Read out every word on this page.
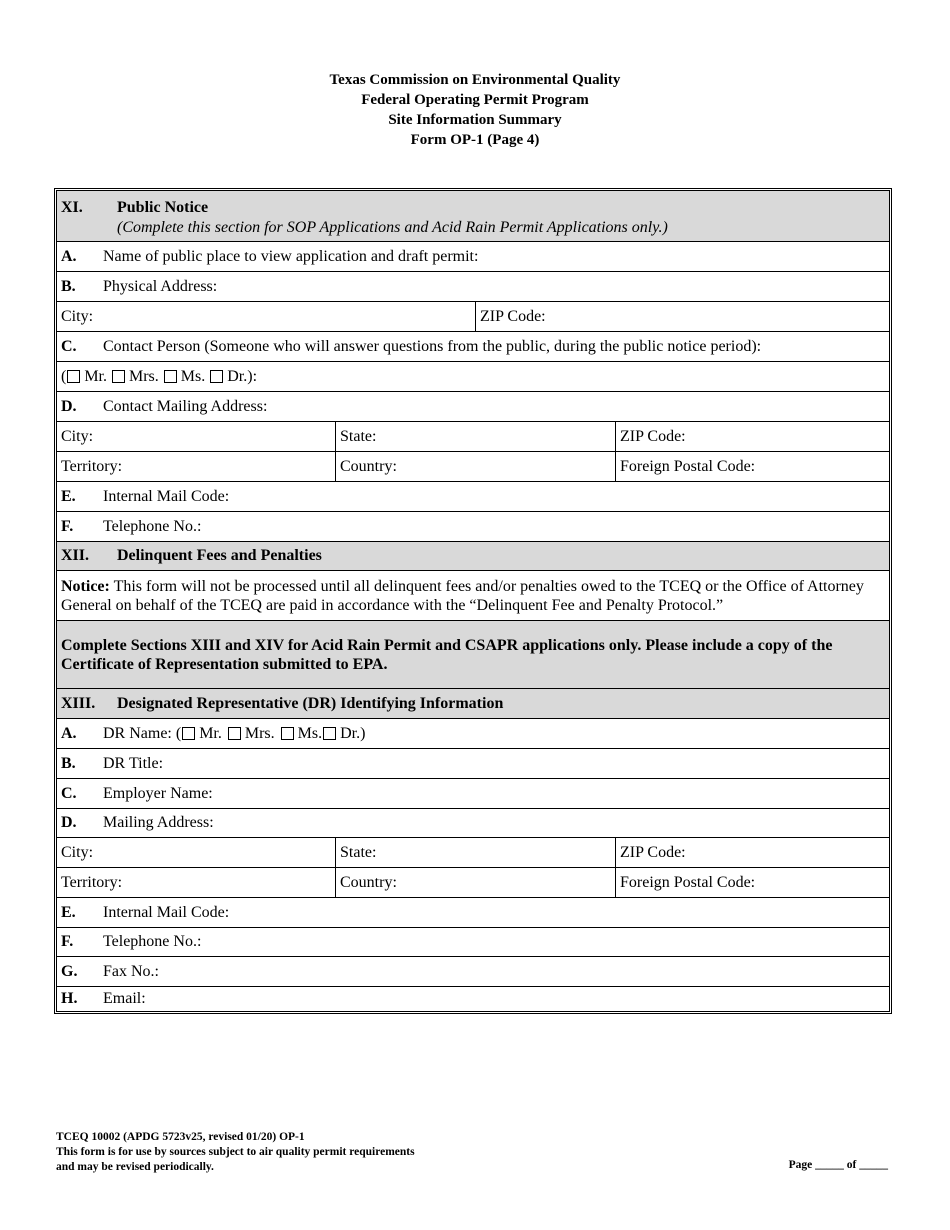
Texas Commission on Environmental Quality
Federal Operating Permit Program
Site Information Summary
Form OP-1 (Page 4)
XI. Public Notice
(Complete this section for SOP Applications and Acid Rain Permit Applications only.)
A.	Name of public place to view application and draft permit:
B.	Physical Address:
City:	ZIP Code:
C.	Contact Person (Someone who will answer questions from the public, during the public notice period):
( Mr. Mrs. Ms. Dr.):
D.	Contact Mailing Address:
City:	State:	ZIP Code:
Territory:	Country:	Foreign Postal Code:
E.	Internal Mail Code:
F.	Telephone No.:
XII.	Delinquent Fees and Penalties
Notice: This form will not be processed until all delinquent fees and/or penalties owed to the TCEQ or the Office of Attorney General on behalf of the TCEQ are paid in accordance with the “Delinquent Fee and Penalty Protocol.”
Complete Sections XIII and XIV for Acid Rain Permit and CSAPR applications only. Please include a copy of the Certificate of Representation submitted to EPA.
XIII.	Designated Representative (DR) Identifying Information
A.	DR Name: ( Mr. Mrs. Ms. Dr.)
B.	DR Title:
C.	Employer Name:
D.	Mailing Address:
City:	State:	ZIP Code:
Territory:	Country:	Foreign Postal Code:
E.	Internal Mail Code:
F.	Telephone No.:
G.	Fax No.:
H.	Email:
TCEQ 10002 (APDG 5723v25, revised 01/20) OP-1
This form is for use by sources subject to air quality permit requirements
and may be revised periodically.	Page _____ of _____
